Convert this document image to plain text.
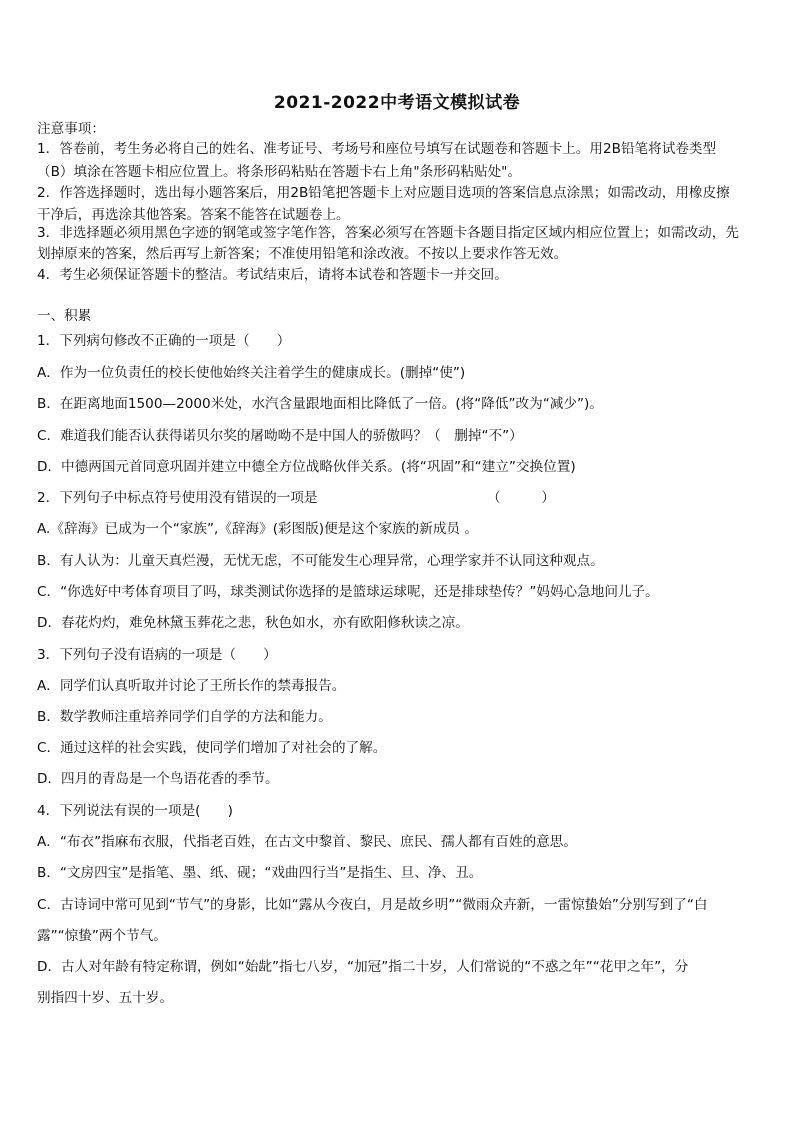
2021-2022中考语文模拟试卷
注意事项：
1．答卷前，考生务必将自己的姓名、准考证号、考场号和座位号填写在试题卷和答题卡上。用2B铅笔将试卷类型
（B）填涂在答题卡相应位置上。将条形码粘贴在答题卡右上角"条形码粘贴处"。
2．作答选择题时，选出每小题答案后，用2B铅笔把答题卡上对应题目选项的答案信息点涂黑；如需改动，用橡皮擦
干净后，再选涂其他答案。答案不能答在试题卷上。
3．非选择题必须用黑色字迹的钢笔或签字笔作答，答案必须写在答题卡各题目指定区域内相应位置上；如需改动，先
划掉原来的答案，然后再写上新答案；不准使用铅笔和涂改液。不按以上要求作答无效。
4．考生必须保证答题卡的整洁。考试结束后，请将本试卷和答题卡一并交回。
一、积累
1．下列病句修改不正确的一项是（　　）
A．作为一位负责任的校长使他始终关注着学生的健康成长。(删掉“使”)
B．在距离地面1500—2000米处，水汽含量跟地面相比降低了一倍。(将“降低”改为“减少”)。
C．难道我们能否认获得诺贝尔奖的屠呦呦不是中国人的骄傲吗？（　删掉“不”）
D．中德两国元首同意巩固并建立中德全方位战略伙伴关系。(将“巩固”和“建立”交换位置)
2．下列句子中标点符号使用没有错误的一项是	（　　　）
A.《辞海》已成为一个“家族”,《辞海》(彩图版)便是这个家族的新成员 。
B．有人认为：儿童天真烂漫，无忧无虑，不可能发生心理异常，心理学家并不认同这种观点。
C．“你选好中考体育项目了吗，球类测试你选择的是篮球运球呢，还是排球垫传？”妈妈心急地问儿子。
D．春花灼灼，难免林黛玉葬花之悲，秋色如水，亦有欧阳修秋读之凉。
3．下列句子没有语病的一项是（　　）
A．同学们认真听取并讨论了王所长作的禁毒报告。
B．数学教师注重培养同学们自学的方法和能力。
C．通过这样的社会实践，使同学们增加了对社会的了解。
D．四月的青岛是一个鸟语花香的季节。
4．下列说法有误的一项是(　　)
A．“布衣”指麻布衣服，代指老百姓，在古文中黎首、黎民、庶民、孺人都有百姓的意思。
B．“文房四宝”是指笔、墨、纸、砚；“戏曲四行当”是指生、旦、净、丑。
C．古诗词中常可见到“节气”的身影，比如“露从今夜白，月是故乡明”“微雨众卉新，一雷惊蛰始”分别写到了“白
露”“惊蛰”两个节气。
D．古人对年龄有特定称谓，例如“始龀”指七八岁，“加冠”指二十岁，人们常说的“不惑之年”“花甲之年”，分
别指四十岁、五十岁。
